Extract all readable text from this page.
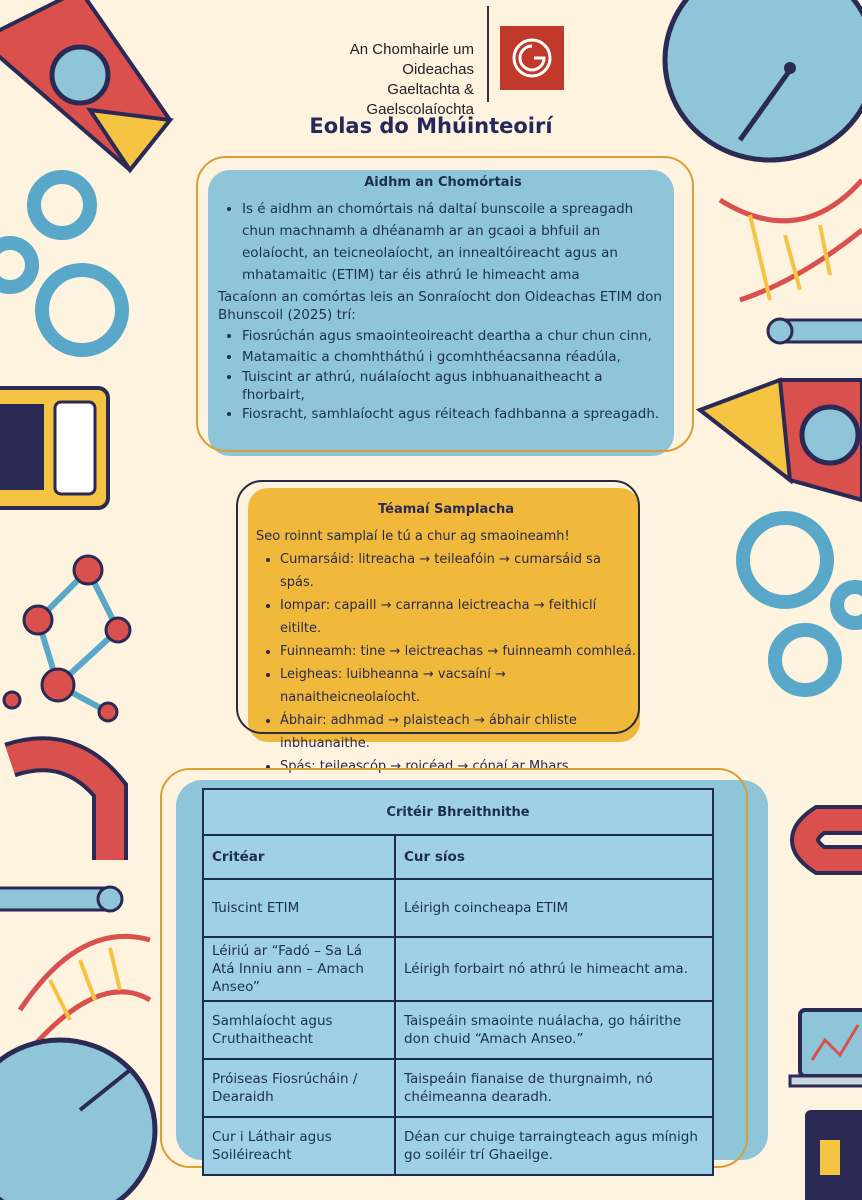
An Chomhairle um Oideachas
Gaeltachta & Gaelscolaíochta
Eolas do Mhúinteoirí
Aidhm an Chomórtais
• Is é aidhm an chomórtais ná daltaí bunscoile a spreagadh chun machnamh a dhéanamh ar an gcaoi a bhfuil an eolaíocht, an teicneolaíocht, an innealtóireacht agus an mhatamaitic (ETIM) tar éis athrú le himeacht ama
Tacaíonn an comórtas leis an Sonraíocht don Oideachas ETIM don Bhunscoil (2025) trí:
• Fiosrúchán agus smaointeoireacht deartha a chur chun cinn,
• Matamaitic a chomhtháthú i gcomhthéacsanna réadúla,
• Tuiscint ar athrú, nuálaíocht agus inbhuanaitheacht a fhorbairt,
• Fiosracht, samhlaíocht agus réiteach fadhbanna a spreagadh.
Téamaí Samplacha
Seo roinnt samplaí le tú a chur ag smaoineamh!
• Cumarsáid: litreacha → teileafóin → cumarsáid sa spás.
• Iompar: capaill → carranna leictreacha → feithiclí eitilte.
• Fuinneamh: tine → leictreachas → fuinneamh comhleá.
• Leigheas: luibheanna → vacsaíní → nanaitheicneolaíocht.
• Ábhair: adhmad → plaisteach → ábhair chliste inbhuanaithe.
• Spás: teileascóp → roicéad → cónaí ar Mhars.
Critéir Bhreithnithe	
Critéar	Cur síos
Tuiscint ETIM	Léirigh coincheapa ETIM
Léiriú ar “Fadó – Sa Lá Atá Inniu ann – Amach Anseo”	Léirigh forbairt nó athrú le himeacht ama.
Samhlaíocht agus Cruthaitheacht	Taispeáin smaointe nuálacha, go háirithe don chuid “Amach Anseo.”
Próiseas Fiosrúcháin / Dearaidh	Taispeáin fianaise de thurgnaimh, nó chéimeanna dearadh.
Cur i Láthair agus Soiléireacht	Déan cur chuige tarraingteach agus mínigh go soiléir trí Ghaeilge.
